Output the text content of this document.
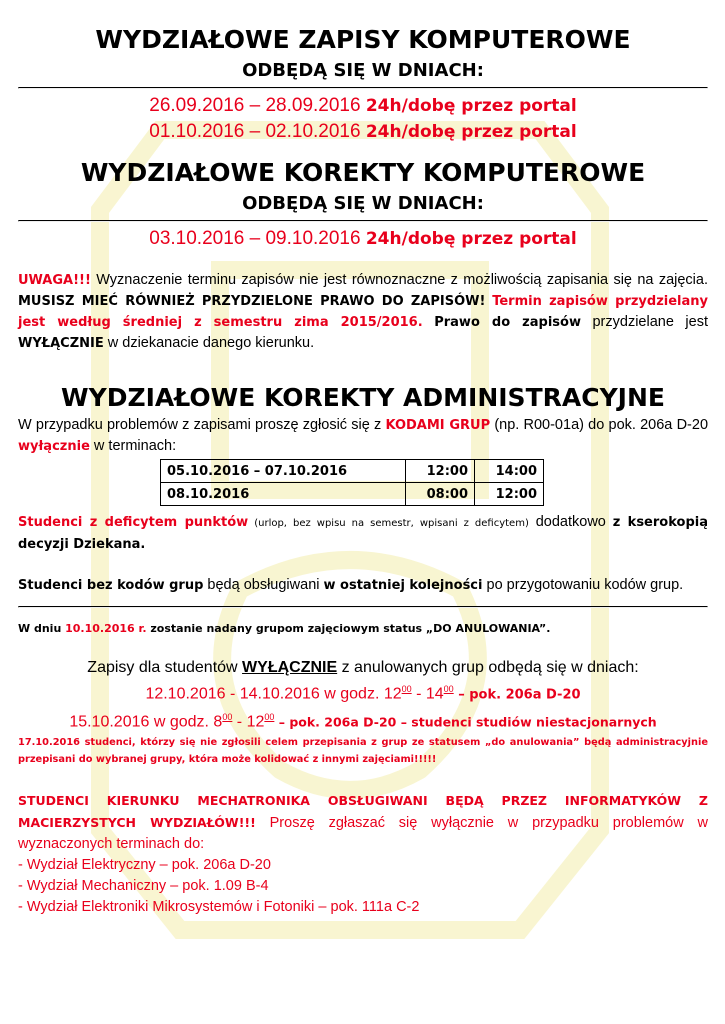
WYDZIAŁOWE ZAPISY KOMPUTEROWE
ODBĘDĄ SIĘ W DNIACH:
26.09.2016 – 28.09.2016 24h/dobę przez portal
01.10.2016 – 02.10.2016 24h/dobę przez portal
WYDZIAŁOWE KOREKTY KOMPUTEROWE
ODBĘDĄ SIĘ W DNIACH:
03.10.2016 – 09.10.2016 24h/dobę przez portal
UWAGA!!! Wyznaczenie terminu zapisów nie jest równoznaczne z możliwością zapisania się na zajęcia. MUSISZ MIEĆ RÓWNIEŻ PRZYDZIELONE PRAWO DO ZAPISÓW! Termin zapisów przydzielany jest według średniej z semestru zima 2015/2016. Prawo do zapisów przydzielane jest WYŁĄCZNIE w dziekanacie danego kierunku.
WYDZIAŁOWE KOREKTY ADMINISTRACYJNE
W przypadku problemów z zapisami proszę zgłosić się z KODAMI GRUP (np. R00-01a) do pok. 206a D-20 wyłącznie w terminach:
05.10.2016 – 07.10.2016	12:00	14:00
08.10.2016	08:00	12:00
Studenci z deficytem punktów (urlop, bez wpisu na semestr, wpisani z deficytem) dodatkowo z kserokopią decyzji Dziekana.
Studenci bez kodów grup będą obsługiwani w ostatniej kolejności po przygotowaniu kodów grup.
W dniu 10.10.2016 r. zostanie nadany grupom zajęciowym status „DO ANULOWANIA”.
Zapisy dla studentów WYŁĄCZNIE z anulowanych grup odbędą się w dniach:
12.10.2016 - 14.10.2016 w godz. $12^{00} - 14^{00}$ – pok. 206a D-20
15.10.2016 w godz. $8^{00} - 12^{00}$ – pok. 206a D-20 – studenci studiów niestacjonarnych
17.10.2016 studenci, którzy się nie zgłosili celem przepisania z grup ze statusem „do anulowania” będą administracyjnie przepisani do wybranej grupy, która może kolidować z innymi zajęciami!!!!!
STUDENCI KIERUNKU MECHATRONIKA OBSŁUGIWANI BĘDĄ PRZEZ INFORMATYKÓW Z MACIERZYSTYCH WYDZIAŁÓW!!! Proszę zgłaszać się wyłącznie w przypadku problemów w wyznaczonych terminach do:
- Wydział Elektryczny – pok. 206a D-20
- Wydział Mechaniczny – pok. 1.09 B-4
- Wydział Elektroniki Mikrosystemów i Fotoniki – pok. 111a C-2
